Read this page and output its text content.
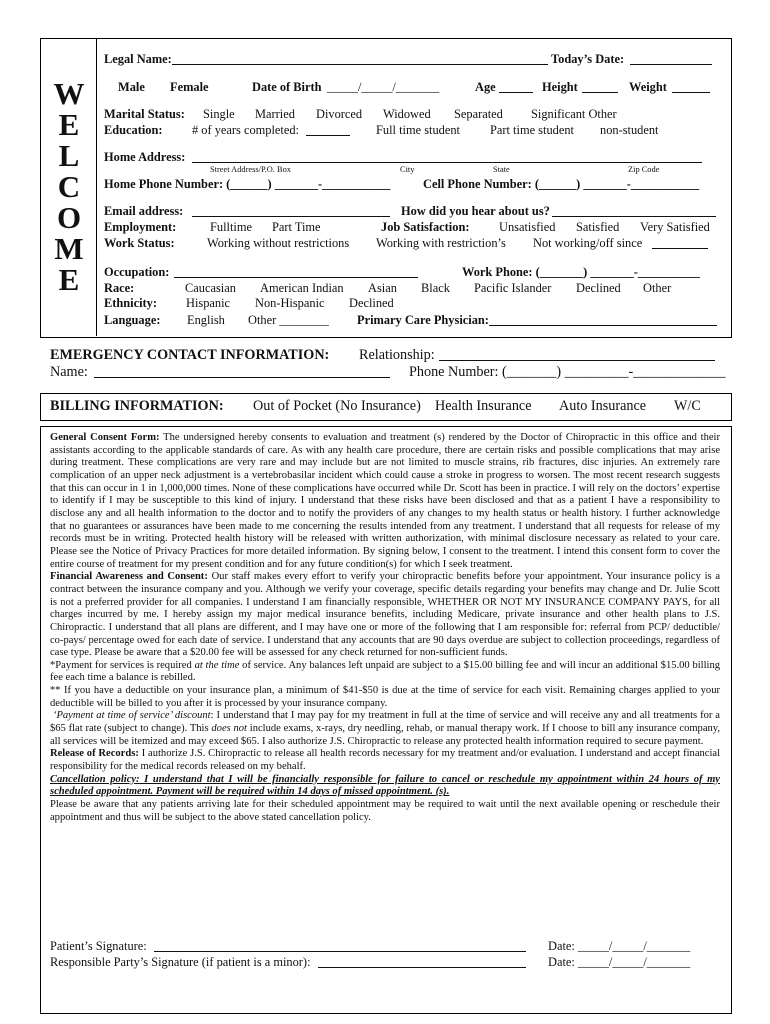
W
E
L
C
O
M
E
Legal Name:	Today’s Date:
Male Female	Date of Birth _____/_____/_______	Age	Height	Weight
Marital Status: Single Married Divorced Widowed Separated Significant Other
Education: # of years completed:	Full time student Part time student non-student
Home Address:
Street Address/P.O. Box	City	State	Zip Code
Home Phone Number: (______) _______-___________	Cell Phone Number: (______) _______-___________
Email address:	How did you hear about us?
Employment:	Fulltime Part Time	Job Satisfaction: Unsatisfied Satisfied Very Satisfied
Work Status:	Working without restrictions Working with restriction’s Not working/off since
Occupation:	Work Phone: (_______) _______-__________
Race:	Caucasian American Indian Asian Black Pacific Islander Declined Other
Ethnicity: Hispanic Non-Hispanic Declined
Language: English Other ________ Primary Care Physician:
EMERGENCY CONTACT INFORMATION: Relationship:
Name:	Phone Number: (_______) _________-_____________
BILLING INFORMATION: Out of Pocket (No Insurance) Health Insurance Auto Insurance W/C

General Consent Form: The undersigned hereby consents to evaluation and treatment (s) rendered by the Doctor of Chiropractic in this office and their assistants according to the applicable standards of care. As with any health care procedure, there are certain risks and possible complications that may arise during treatment. These complications are very rare and may include but are not limited to muscle strains, rib fractures, disc injuries. An extremely rare complication of an upper neck adjustment is a vertebrobasilar incident which could cause a stroke in progress to worsen. The most recent research suggests that this can occur in 1 in 1,000,000 times. None of these complications have occurred while Dr. Scott has been in practice. I will rely on the doctors’ expertise to identify if I may be susceptible to this kind of injury. I understand that these risks have been disclosed and that as a patient I have a responsibility to disclose any and all health information to the doctor and to notify the providers of any changes to my health status or health history. I further acknowledge that no guarantees or assurances have been made to me concerning the results intended from any treatment. I understand that all requests for release of my records must be in writing. Protected health history will be released with written authorization, with minimal disclosure necessary as related to your care. Please see the Notice of Privacy Practices for more detailed information. By signing below, I consent to the treatment. I intend this consent form to cover the entire course of treatment for my present condition and for any future condition(s) for which I seek treatment.

Financial Awareness and Consent: Our staff makes every effort to verify your chiropractic benefits before your appointment. Your insurance policy is a contract between the insurance company and you. Although we verify your coverage, specific details regarding your benefits may change and Dr. Julie Scott is not a preferred provider for all companies. I understand I am financially responsible, WHETHER OR NOT MY INSURANCE COMPANY PAYS, for all charges incurred by me. I hereby assign my major medical insurance benefits, including Medicare, private insurance and other health plans to J.S. Chiropractic. I understand that all plans are different, and I may have one or more of the following that I am responsible for: referral from PCP/ deductible/ co-pays/ percentage owed for each date of service. I understand that any accounts that are 90 days overdue are subject to collection proceedings, regardless of case type. Please be aware that a $20.00 fee will be assessed for any check returned for non-sufficient funds.

*Payment for services is required at the time of service. Any balances left unpaid are subject to a $15.00 billing fee and will incur an additional $15.00 billing fee each time a balance is rebilled.

** If you have a deductible on your insurance plan, a minimum of $41-$50 is due at the time of service for each visit. Remaining charges applied to your deductible will be billed to you after it is processed by your insurance company.

‘Payment at time of service’ discount: I understand that I may pay for my treatment in full at the time of service and will receive any and all treatments for a $65 flat rate (subject to change). This does not include exams, x-rays, dry needling, rehab, or manual therapy work. If I choose to bill any insurance company, all services will be itemized and may exceed $65. I also authorize J.S. Chiropractic to release any protected health information required to secure payment.

Release of Records: I authorize J.S. Chiropractic to release all health records necessary for my treatment and/or evaluation. I understand and accept financial responsibility for the medical records released on my behalf.

Cancellation policy: I understand that I will be financially responsible for failure to cancel or reschedule my appointment within 24 hours of my scheduled appointment. Payment will be required within 14 days of missed appointment. (s).

Please be aware that any patients arriving late for their scheduled appointment may be required to wait until the next available opening or reschedule their appointment and thus will be subject to the above stated cancellation policy.

Patient’s Signature:	Date: _____/_____/_______
Responsible Party’s Signature (if patient is a minor):	Date: _____/_____/_______
